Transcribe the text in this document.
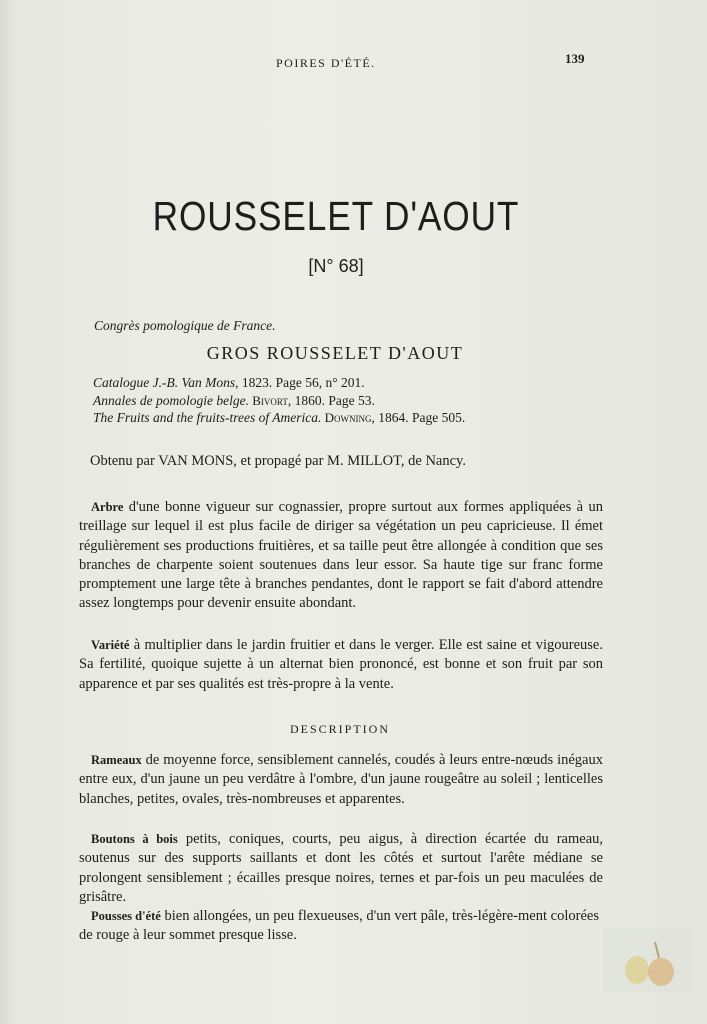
POIRES D'ÉTÉ.	139
ROUSSELET D'AOUT
[N° 68]
Congrès pomologique de France.
GROS ROUSSELET D'AOUT
Catalogue J.-B. Van Mons, 1823. Page 56, n° 201.
Annales de pomologie belge. Bivort, 1860. Page 53.
The Fruits and the fruits-trees of America. Downing, 1864. Page 505.
Obtenu par VAN MONS, et propagé par M. MILLOT, de Nancy.
Arbre d'une bonne vigueur sur cognassier, propre surtout aux formes appliquées à un treillage sur lequel il est plus facile de diriger sa végétation un peu capricieuse. Il émet régulièrement ses productions fruitières, et sa taille peut être allongée à condition que ses branches de charpente soient soutenues dans leur essor. Sa haute tige sur franc forme promptement une large tête à branches pendantes, dont le rapport se fait d'abord attendre assez longtemps pour devenir ensuite abondant.
Variété à multiplier dans le jardin fruitier et dans le verger. Elle est saine et vigoureuse. Sa fertilité, quoique sujette à un alternat bien prononcé, est bonne et son fruit par son apparence et par ses qualités est très-propre à la vente.
DESCRIPTION
Rameaux de moyenne force, sensiblement cannelés, coudés à leurs entre-nœuds inégaux entre eux, d'un jaune un peu verdâtre à l'ombre, d'un jaune rougeâtre au soleil ; lenticelles blanches, petites, ovales, très-nombreuses et apparentes.
Boutons à bois petits, coniques, courts, peu aigus, à direction écartée du rameau, soutenus sur des supports saillants et dont les côtés et surtout l'arête médiane se prolongent sensiblement ; écailles presque noires, ternes et par-fois un peu maculées de grisâtre.
Pousses d'été bien allongées, un peu flexueuses, d'un vert pâle, très-légère-ment colorées de rouge à leur sommet presque lisse.
